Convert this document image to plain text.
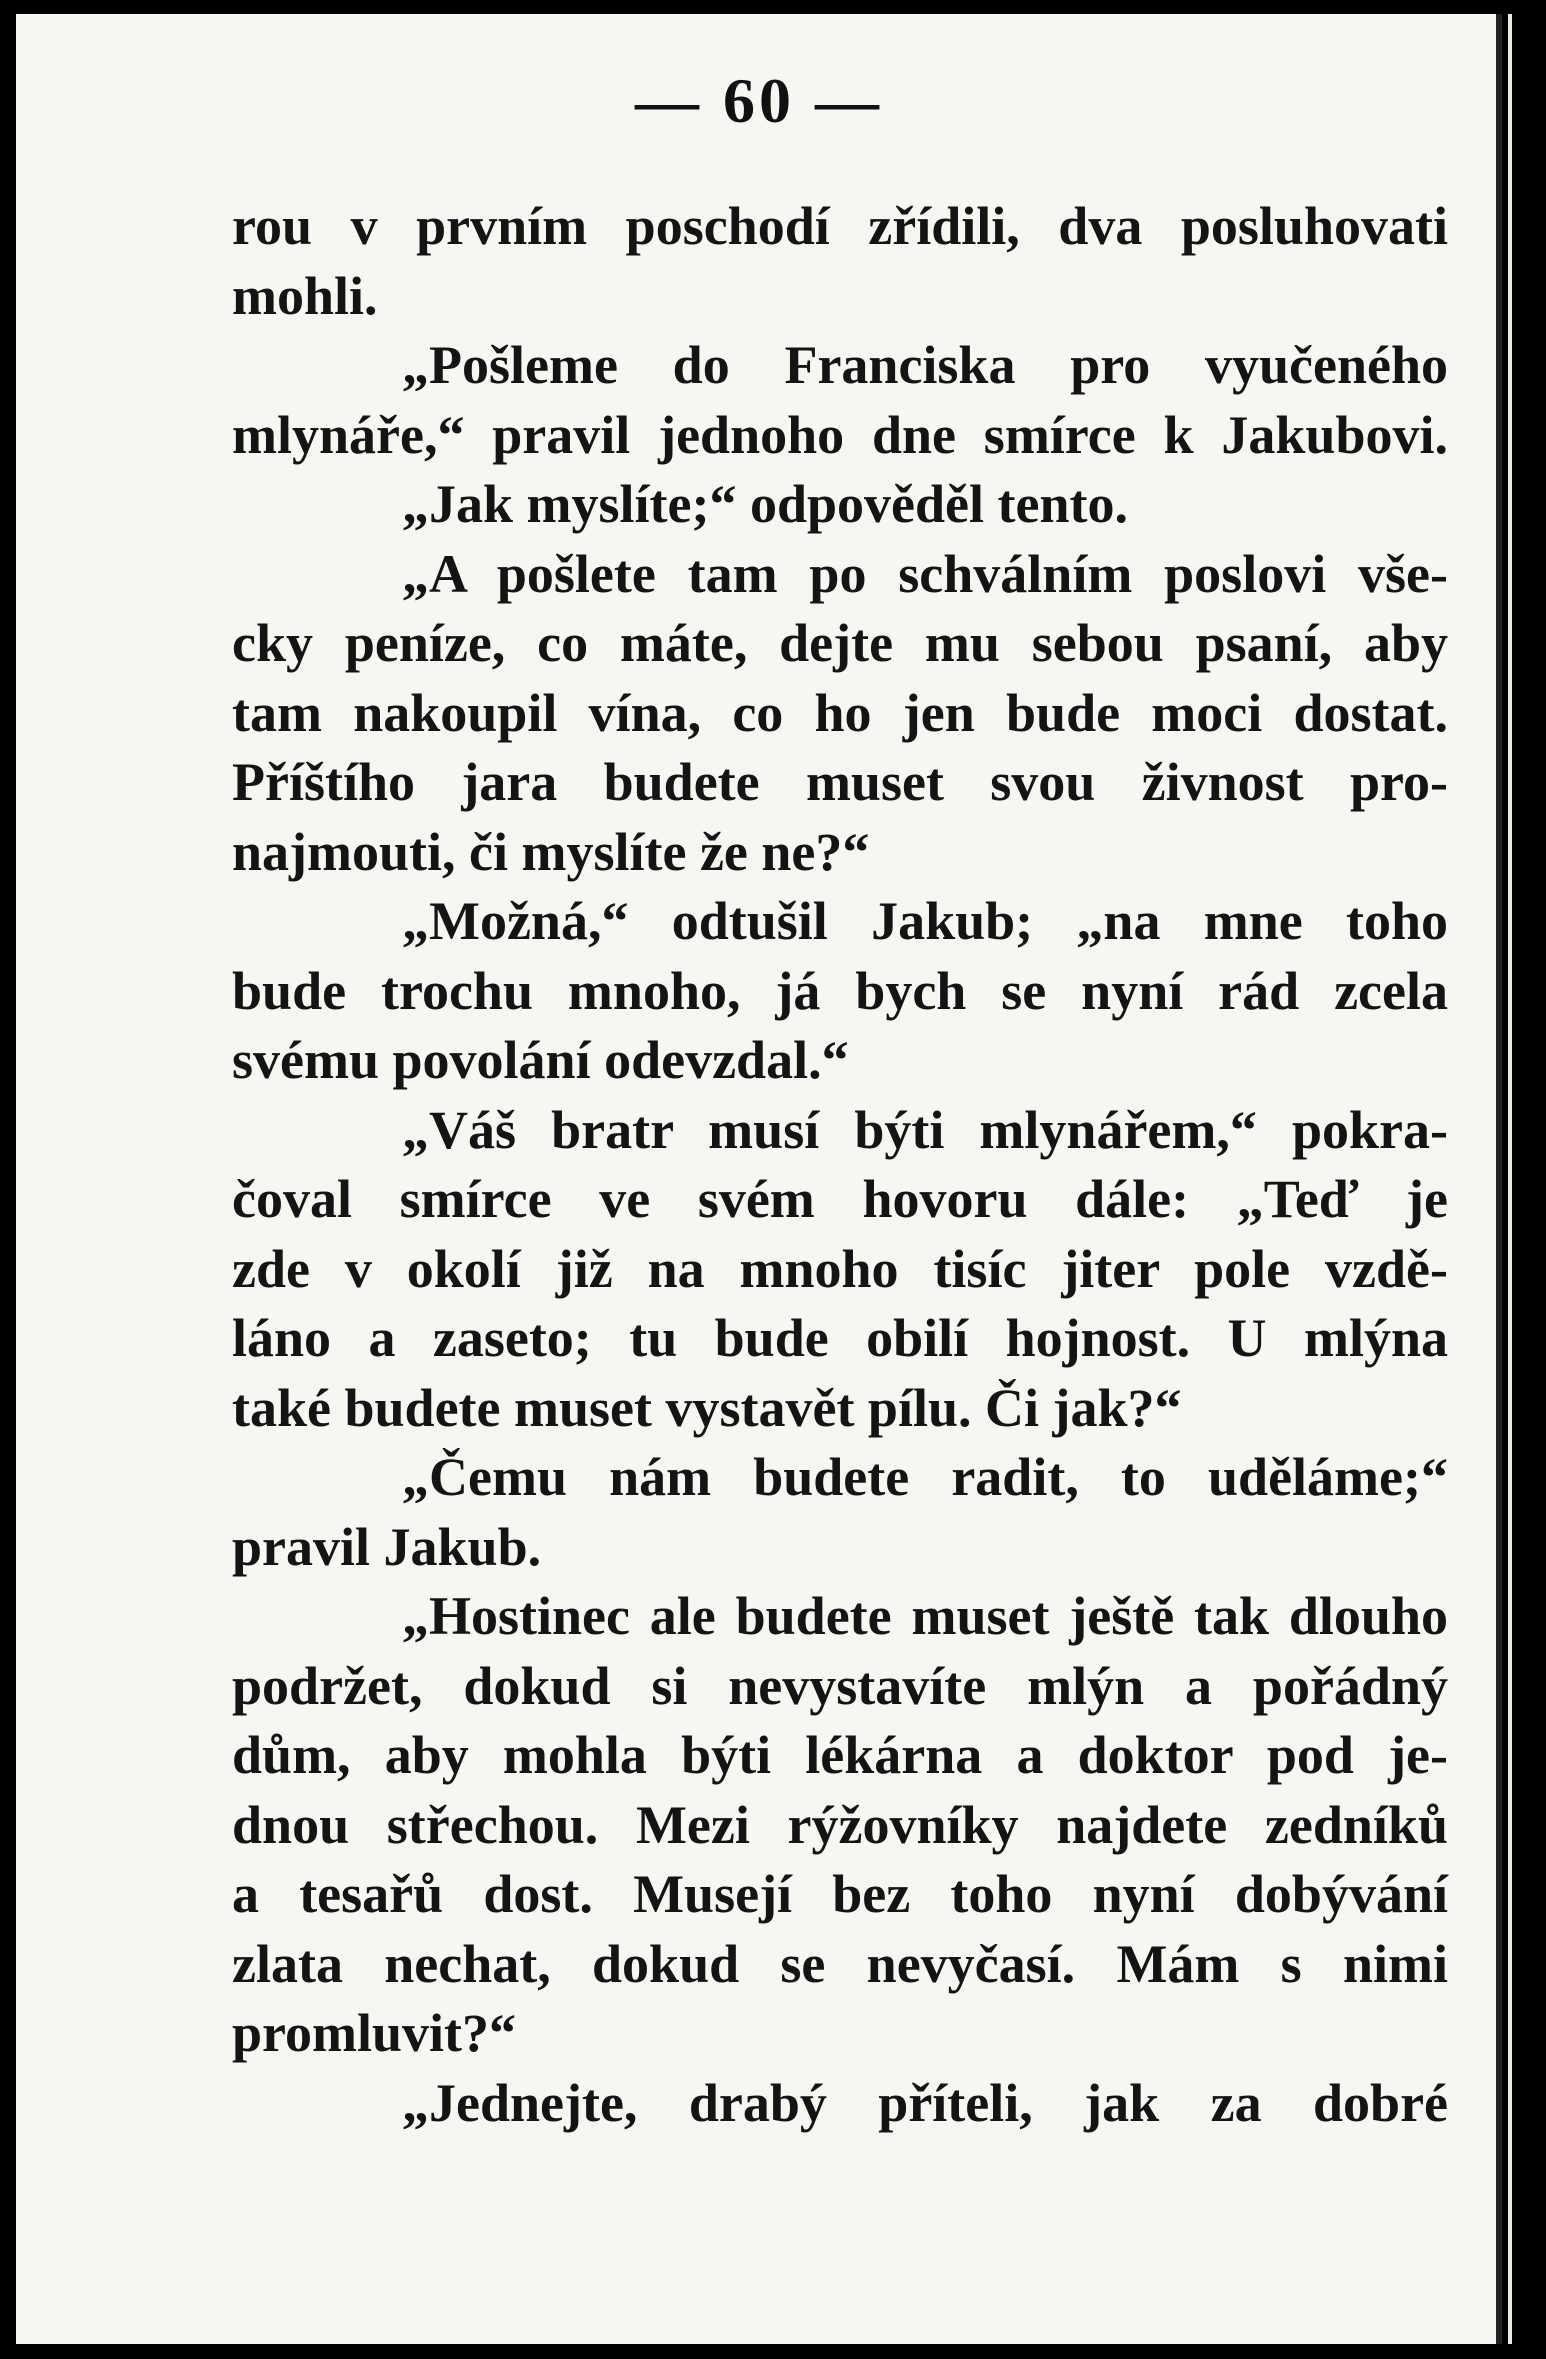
— 60 —
rou v prvním poschodí zřídili, dva posluhovati
mohli.
„Pošleme do Franciska pro vyučeného
mlynáře,“ pravil jednoho dne smírce k Jakubovi.
„Jak myslíte;“ odpověděl tento.
„A pošlete tam po schválním poslovi vše-
cky peníze, co máte, dejte mu sebou psaní, aby
tam nakoupil vína, co ho jen bude moci dostat.
Příštího jara budete muset svou živnost pro-
najmouti, či myslíte že ne?“
„Možná,“ odtušil Jakub; „na mne toho
bude trochu mnoho, já bych se nyní rád zcela
svému povolání odevzdal.“
„Váš bratr musí býti mlynářem,“ pokra-
čoval smírce ve svém hovoru dále: „Teď je
zde v okolí již na mnoho tisíc jiter pole vzdě-
láno a zaseto; tu bude obilí hojnost. U mlýna
také budete muset vystavět pílu. Či jak?“
„Čemu nám budete radit, to uděláme;“
pravil Jakub.
„Hostinec ale budete muset ještě tak dlouho
podržet, dokud si nevystavíte mlýn a pořádný
dům, aby mohla býti lékárna a doktor pod je-
dnou střechou. Mezi rýžovníky najdete zedníků
a tesařů dost. Musejí bez toho nyní dobývání
zlata nechat, dokud se nevyčasí. Mám s nimi
promluvit?“
„Jednejte, drabý příteli, jak za dobré
